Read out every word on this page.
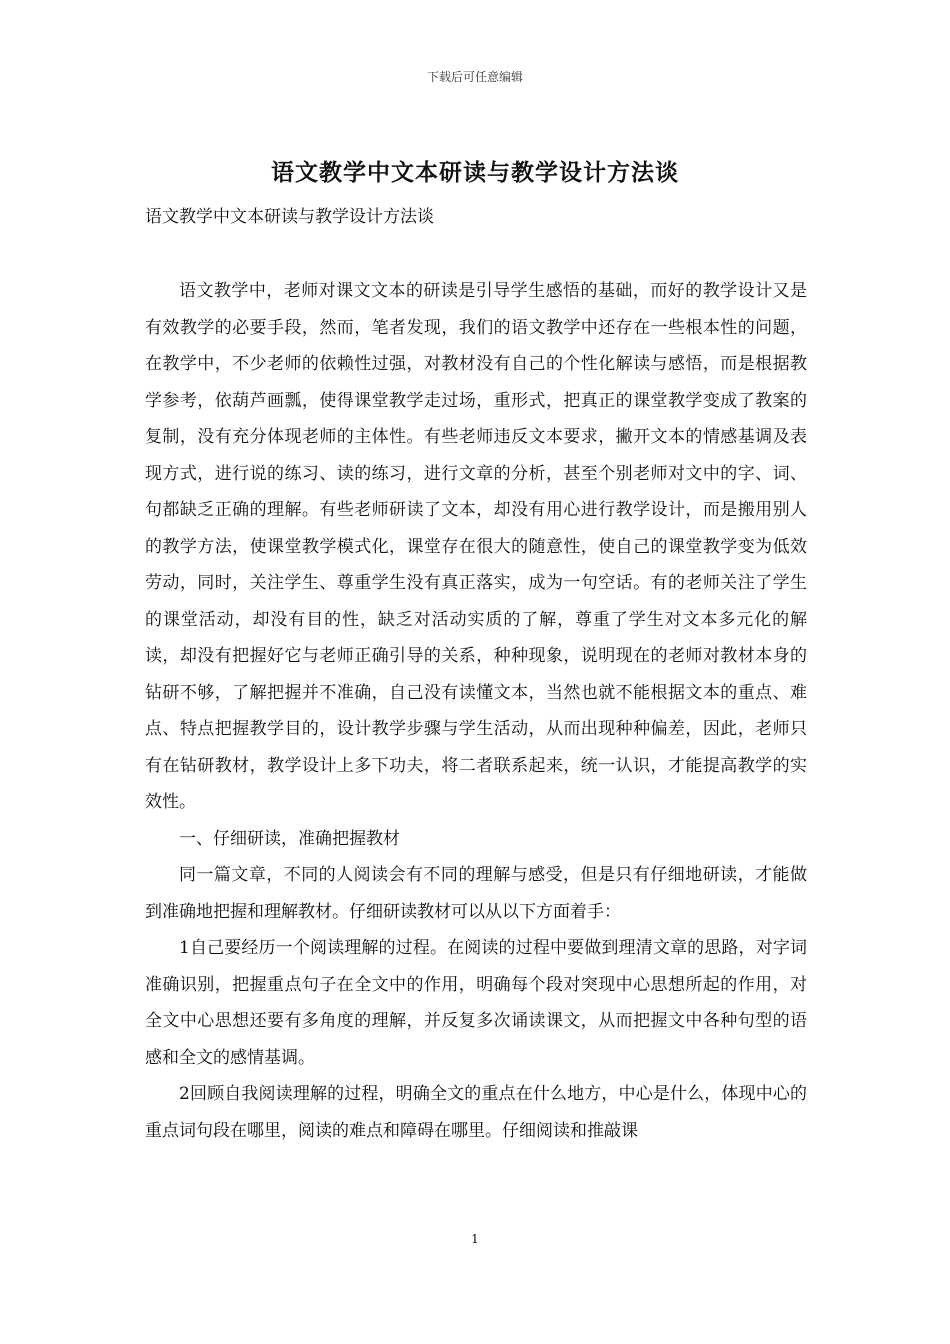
下载后可任意编辑
语文教学中文本研读与教学设计方法谈

语文教学中文本研读与教学设计方法谈

语文教学中，老师对课文文本的研读是引导学生感悟的基础，而好的教学设计又是有效教学的必要手段，然而，笔者发现，我们的语文教学中还存在一些根本性的问题，在教学中，不少老师的依赖性过强，对教材没有自己的个性化解读与感悟，而是根据教学参考，依葫芦画瓢，使得课堂教学走过场，重形式，把真正的课堂教学变成了教案的复制，没有充分体现老师的主体性。有些老师违反文本要求，撇开文本的情感基调及表现方式，进行说的练习、读的练习，进行文章的分析，甚至个别老师对文中的字、词、句都缺乏正确的理解。有些老师研读了文本，却没有用心进行教学设计，而是搬用别人的教学方法，使课堂教学模式化，课堂存在很大的随意性，使自己的课堂教学变为低效劳动，同时，关注学生、尊重学生没有真正落实，成为一句空话。有的老师关注了学生的课堂活动，却没有目的性，缺乏对活动实质的了解，尊重了学生对文本多元化的解读，却没有把握好它与老师正确引导的关系，种种现象，说明现在的老师对教材本身的钻研不够，了解把握并不准确，自己没有读懂文本，当然也就不能根据文本的重点、难点、特点把握教学目的，设计教学步骤与学生活动，从而出现种种偏差，因此，老师只有在钻研教材，教学设计上多下功夫，将二者联系起来，统一认识，才能提高教学的实效性。

一、仔细研读，准确把握教材

同一篇文章，不同的人阅读会有不同的理解与感受，但是只有仔细地研读，才能做到准确地把握和理解教材。仔细研读教材可以从以下方面着手：

1自己要经历一个阅读理解的过程。在阅读的过程中要做到理清文章的思路，对字词准确识别，把握重点句子在全文中的作用，明确每个段对突现中心思想所起的作用，对全文中心思想还要有多角度的理解，并反复多次诵读课文，从而把握文中各种句型的语感和全文的感情基调。

2回顾自我阅读理解的过程，明确全文的重点在什么地方，中心是什么，体现中心的重点词句段在哪里，阅读的难点和障碍在哪里。仔细阅读和推敲课

1
